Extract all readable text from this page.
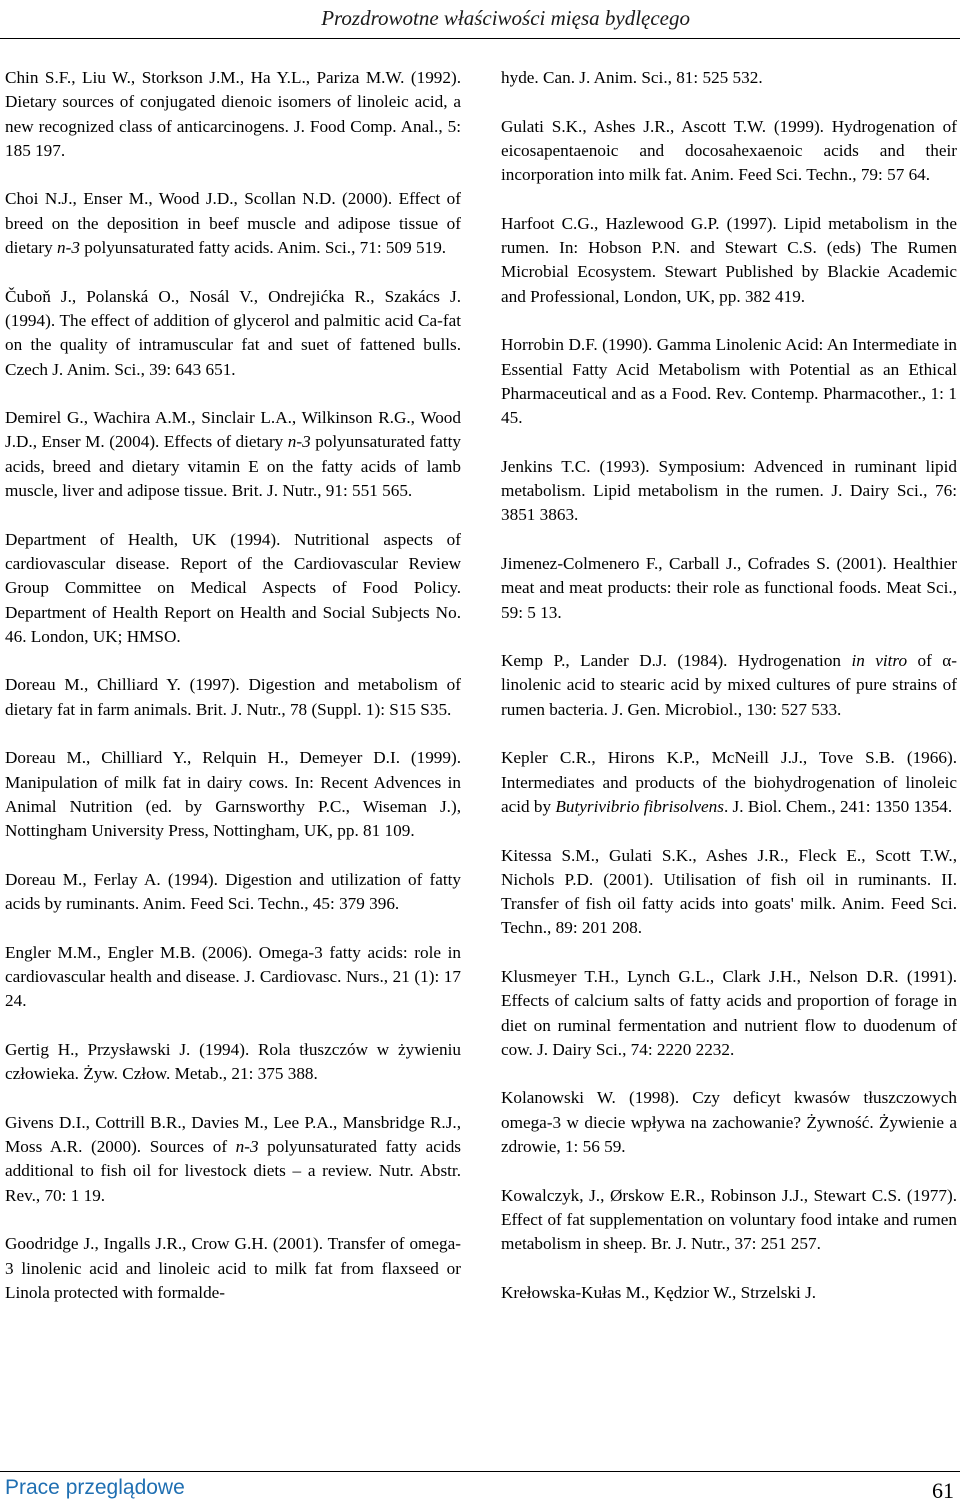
Prozdrowotne właściwości mięsa bydlęcego

Chin S.F., Liu W., Storkson J.M., Ha Y.L., Pariza M.W. (1992). Dietary sources of conjugated dienoic isomers of linoleic acid, a new recognized class of anticarcinogens. J. Food Comp. Anal., 5: 185 197.

Choi N.J., Enser M., Wood J.D., Scollan N.D. (2000). Effect of breed on the deposition in beef muscle and adipose tissue of dietary n-3 polyunsaturated fatty acids. Anim. Sci., 71: 509 519.

Čuboň J., Polanská O., Nosál V., Ondrejićka R., Szakács J. (1994). The effect of addition of glycerol and palmitic acid Ca-fat on the quality of intramuscular fat and suet of fattened bulls. Czech J. Anim. Sci., 39: 643 651.

Demirel G., Wachira A.M., Sinclair L.A., Wilkinson R.G., Wood J.D., Enser M. (2004). Effects of dietary n-3 polyunsaturated fatty acids, breed and dietary vitamin E on the fatty acids of lamb muscle, liver and adipose tissue. Brit. J. Nutr., 91: 551 565.

Department of Health, UK (1994). Nutritional aspects of cardiovascular disease. Report of the Cardiovascular Review Group Committee on Medical Aspects of Food Policy. Department of Health Report on Health and Social Subjects No. 46. London, UK; HMSO.

Doreau M., Chilliard Y. (1997). Digestion and metabolism of dietary fat in farm animals. Brit. J. Nutr., 78 (Suppl. 1): S15 S35.

Doreau M., Chilliard Y., Relquin H., Demeyer D.I. (1999). Manipulation of milk fat in dairy cows. In: Recent Advences in Animal Nutrition (ed. by Garnsworthy P.C., Wiseman J.), Nottingham University Press, Nottingham, UK, pp. 81 109.

Doreau M., Ferlay A. (1994). Digestion and utilization of fatty acids by ruminants. Anim. Feed Sci. Techn., 45: 379 396.

Engler M.M., Engler M.B. (2006). Omega-3 fatty acids: role in cardiovascular health and disease. J. Cardiovasc. Nurs., 21 (1): 17 24.

Gertig H., Przysławski J. (1994). Rola tłuszczów w żywieniu człowieka. Żyw. Człow. Metab., 21: 375 388.

Givens D.I., Cottrill B.R., Davies M., Lee P.A., Mansbridge R.J., Moss A.R. (2000). Sources of n-3 polyunsaturated fatty acids additional to fish oil for livestock diets – a review. Nutr. Abstr. Rev., 70: 1 19.

Goodridge J., Ingalls J.R., Crow G.H. (2001). Transfer of omega-3 linolenic acid and linoleic acid to milk fat from flaxseed or Linola protected with formalde-

hyde. Can. J. Anim. Sci., 81: 525 532.

Gulati S.K., Ashes J.R., Ascott T.W. (1999). Hydrogenation of eicosapentaenoic and docosahexaenoic acids and their incorporation into milk fat. Anim. Feed Sci. Techn., 79: 57 64.

Harfoot C.G., Hazlewood G.P. (1997). Lipid metabolism in the rumen. In: Hobson P.N. and Stewart C.S. (eds) The Rumen Microbial Ecosystem. Stewart Published by Blackie Academic and Professional, London, UK, pp. 382 419.

Horrobin D.F. (1990). Gamma Linolenic Acid: An Intermediate in Essential Fatty Acid Metabolism with Potential as an Ethical Pharmaceutical and as a Food. Rev. Contemp. Pharmacother., 1: 1 45.

Jenkins T.C. (1993). Symposium: Advenced in ruminant lipid metabolism. Lipid metabolism in the rumen. J. Dairy Sci., 76: 3851 3863.

Jimenez-Colmenero F., Carball J., Cofrades S. (2001). Healthier meat and meat products: their role as functional foods. Meat Sci., 59: 5 13.

Kemp P., Lander D.J. (1984). Hydrogenation in vitro of α-linolenic acid to stearic acid by mixed cultures of pure strains of rumen bacteria. J. Gen. Microbiol., 130: 527 533.

Kepler C.R., Hirons K.P., McNeill J.J., Tove S.B. (1966). Intermediates and products of the biohydrogenation of linoleic acid by Butyrivibrio fibrisolvens. J. Biol. Chem., 241: 1350 1354.

Kitessa S.M., Gulati S.K., Ashes J.R., Fleck E., Scott T.W., Nichols P.D. (2001). Utilisation of fish oil in ruminants. II. Transfer of fish oil fatty acids into goats' milk. Anim. Feed Sci. Techn., 89: 201 208.

Klusmeyer T.H., Lynch G.L., Clark J.H., Nelson D.R. (1991). Effects of calcium salts of fatty acids and proportion of forage in diet on ruminal fermentation and nutrient flow to duodenum of cow. J. Dairy Sci., 74: 2220 2232.

Kolanowski W. (1998). Czy deficyt kwasów tłuszczowych omega-3 w diecie wpływa na zachowanie? Żywność. Żywienie a zdrowie, 1: 56 59.

Kowalczyk, J., Ørskow E.R., Robinson J.J., Stewart C.S. (1977). Effect of fat supplementation on voluntary food intake and rumen metabolism in sheep. Br. J. Nutr., 37: 251 257.

Krełowska-Kułas M., Kędzior W., Strzelski J.

Prace przeglądowe	61
